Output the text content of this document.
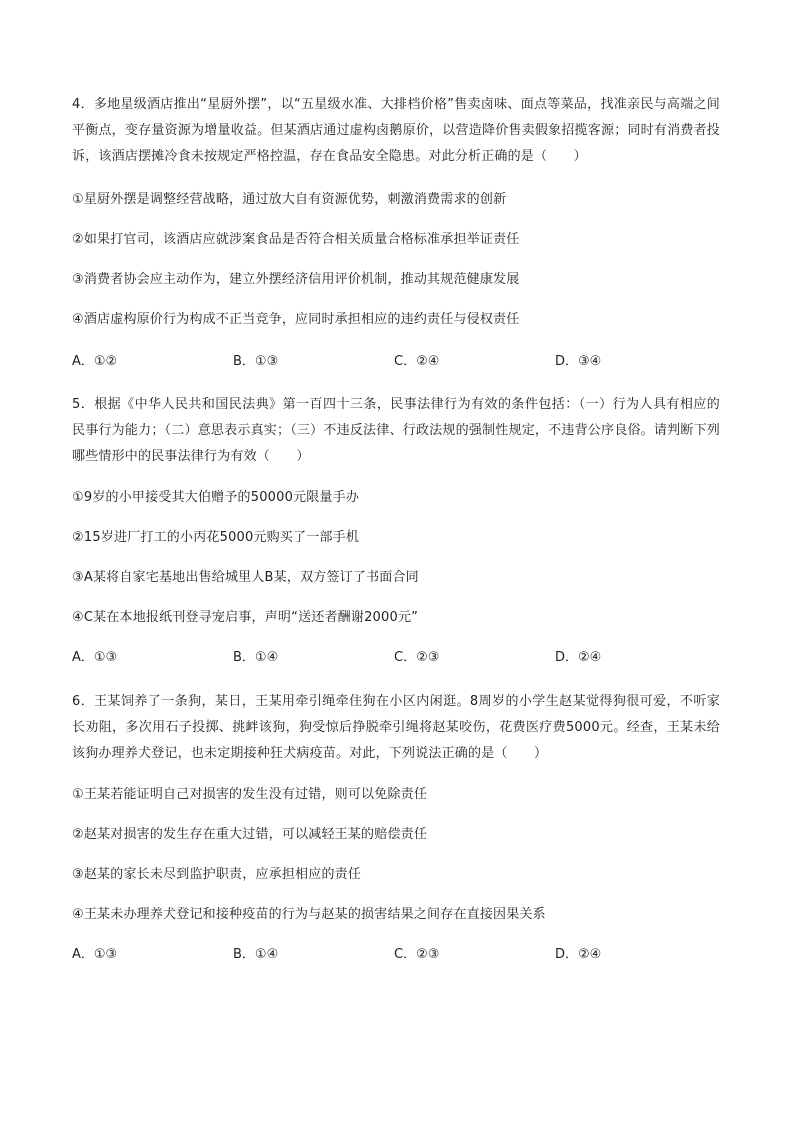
4．多地星级酒店推出“星厨外摆”，以“五星级水准、大排档价格”售卖卤味、面点等菜品，找准亲民与高端之间平衡点，变存量资源为增量收益。但某酒店通过虚构卤鹅原价，以营造降价售卖假象招揽客源；同时有消费者投诉，该酒店摆摊冷食未按规定严格控温，存在食品安全隐患。对此分析正确的是（　　）

①星厨外摆是调整经营战略，通过放大自有资源优势，刺激消费需求的创新

②如果打官司，该酒店应就涉案食品是否符合相关质量合格标准承担举证责任

③消费者协会应主动作为，建立外摆经济信用评价机制，推动其规范健康发展

④酒店虚构原价行为构成不正当竞争，应同时承担相应的违约责任与侵权责任

A．①②	B．①③	C．②④	D．③④

5．根据《中华人民共和国民法典》第一百四十三条，民事法律行为有效的条件包括：（一）行为人具有相应的民事行为能力；（二）意思表示真实；（三）不违反法律、行政法规的强制性规定，不违背公序良俗。请判断下列哪些情形中的民事法律行为有效（　　）

①9岁的小甲接受其大伯赠予的50000元限量手办

②15岁进厂打工的小丙花5000元购买了一部手机

③A某将自家宅基地出售给城里人B某，双方签订了书面合同

④C某在本地报纸刊登寻宠启事，声明“送还者酬谢2000元”

A．①③	B．①④	C．②③	D．②④

6．王某饲养了一条狗，某日，王某用牵引绳牵住狗在小区内闲逛。8周岁的小学生赵某觉得狗很可爱，不听家长劝阻，多次用石子投掷、挑衅该狗，狗受惊后挣脱牵引绳将赵某咬伤，花费医疗费5000元。经查，王某未给该狗办理养犬登记，也未定期接种狂犬病疫苗。对此，下列说法正确的是（　　）

①王某若能证明自己对损害的发生没有过错，则可以免除责任

②赵某对损害的发生存在重大过错，可以减轻王某的赔偿责任

③赵某的家长未尽到监护职责，应承担相应的责任

④王某未办理养犬登记和接种疫苗的行为与赵某的损害结果之间存在直接因果关系

A．①③	B．①④	C．②③	D．②④
